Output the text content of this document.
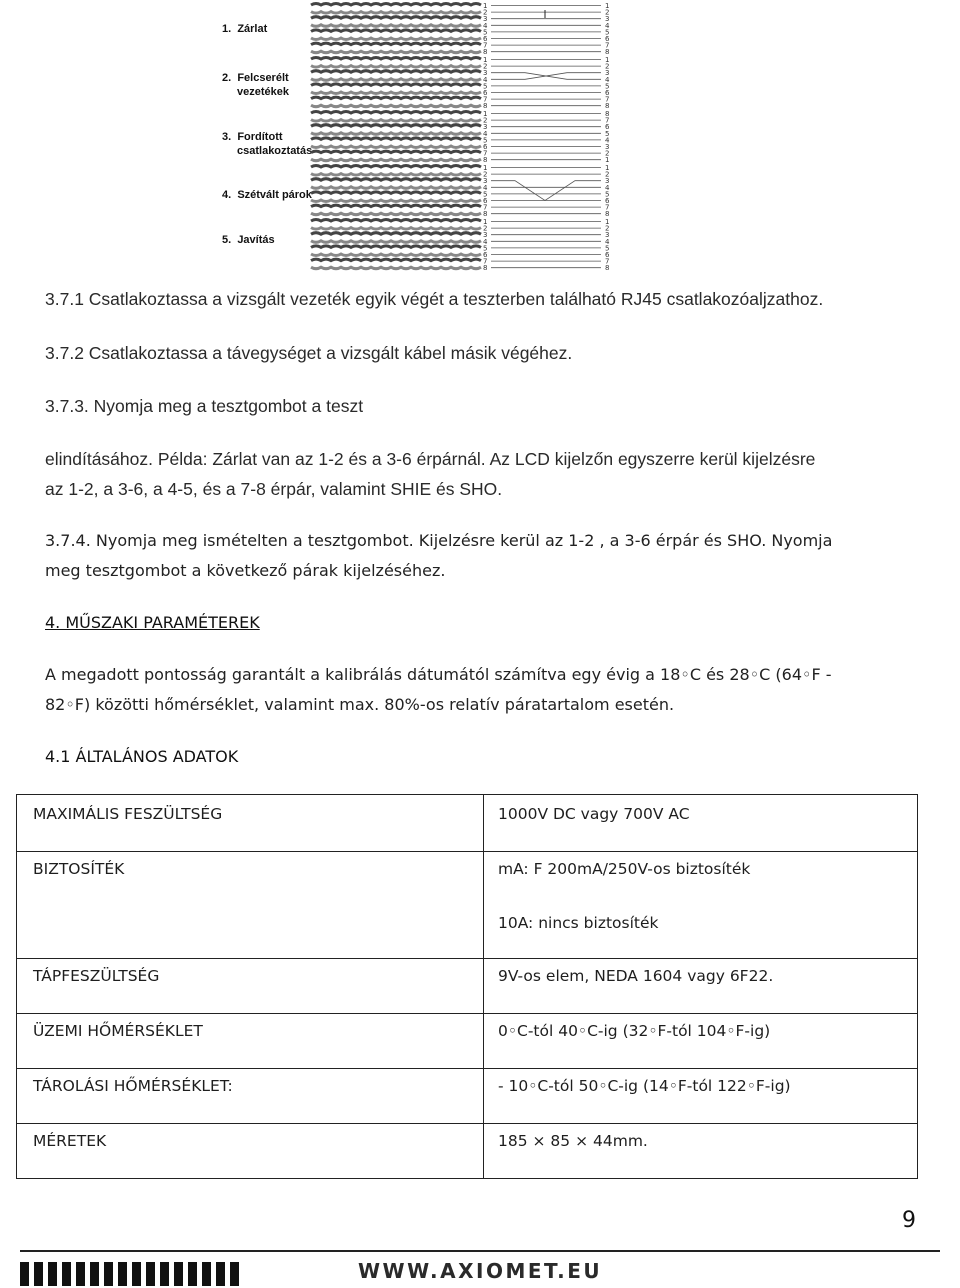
1. Zárlat
2. Felcserélt
vezetékek
3. Fordított
csatlakoztatás
4. Szétvált párok
5. Javítás
1
2
3
4
5
6
7
8
1
2
3
4
5
6
7
8
1
2
3
4
5
6
7
8
1
2
3
4
5
6
7
8
1
2
3
4
5
6
7
8
8
7
6
5
4
3
2
1
1
2
3
4
5
6
7
8
1
2
3
4
5
6
7
8
1
2
3
4
5
6
7
8
1
2
3
4
5
6
7
8
3.7.1 Csatlakoztassa a vizsgált vezeték egyik végét a teszterben található RJ45 csatlakozóaljzathoz.
3.7.2 Csatlakoztassa a távegységet a vizsgált kábel másik végéhez.
3.7.3. Nyomja meg a tesztgombot a teszt
elindításához. Példa: Zárlat van az 1-2 és a 3-6 érpárnál. Az LCD kijelzőn egyszerre kerül kijelzésre
az 1-2, a 3-6, a 4-5, és a 7-8 érpár, valamint SHIE és SHO.
3.7.4. Nyomja meg ismételten a tesztgombot. Kijelzésre kerül az 1-2 , a 3-6 érpár és SHO. Nyomja
meg tesztgombot a következő párak kijelzéséhez.
4. MŰSZAKI PARAMÉTEREK
A megadott pontosság garantált a kalibrálás dátumától számítva egy évig a 18◦C és 28◦C (64◦F -
82◦F) közötti hőmérséklet, valamint max. 80%-os relatív páratartalom esetén.
4.1 ÁLTALÁNOS ADATOK
MAXIMÁLIS FESZÜLTSÉG	1000V DC vagy 700V AC

BIZTOSÍTÉK	mA: F 200mA/250V-os biztosíték
10A: nincs biztosíték

TÁPFESZÜLTSÉG	9V-os elem, NEDA 1604 vagy 6F22.

ÜZEMI HŐMÉRSÉKLET	0◦C-tól 40◦C-ig (32◦F-tól 104◦F-ig)

TÁROLÁSI HŐMÉRSÉKLET:	- 10◦C-tól 50◦C-ig (14◦F-tól 122◦F-ig)

MÉRETEK	185 × 85 × 44mm.
9
WWW.AXIOMET.EU
